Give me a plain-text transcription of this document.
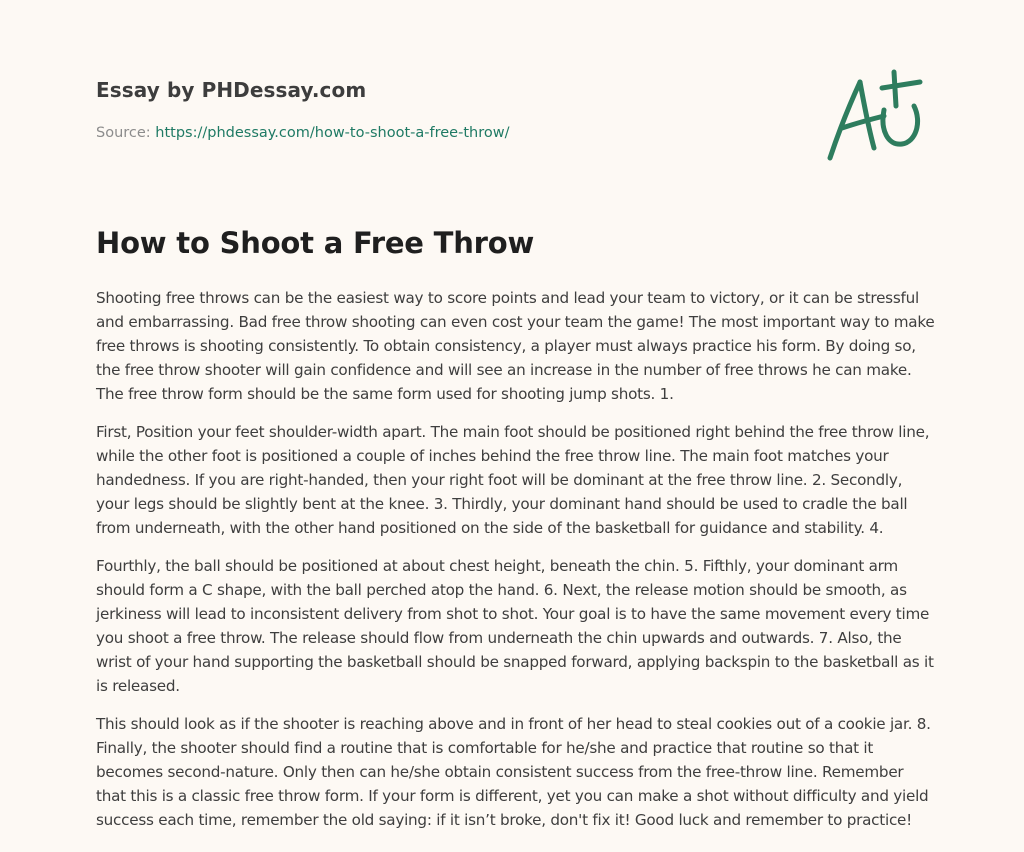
Essay by PHDessay.com
Source: https://phdessay.com/how-to-shoot-a-free-throw/
How to Shoot a Free Throw

Shooting free throws can be the easiest way to score points and lead your team to victory, or it can be stressful and embarrassing. Bad free throw shooting can even cost your team the game! The most important way to make free throws is shooting consistently. To obtain consistency, a player must always practice his form. By doing so, the free throw shooter will gain confidence and will see an increase in the number of free throws he can make. The free throw form should be the same form used for shooting jump shots. 1.

First, Position your feet shoulder-width apart. The main foot should be positioned right behind the free throw line, while the other foot is positioned a couple of inches behind the free throw line. The main foot matches your handedness. If you are right-handed, then your right foot will be dominant at the free throw line. 2. Secondly, your legs should be slightly bent at the knee. 3. Thirdly, your dominant hand should be used to cradle the ball from underneath, with the other hand positioned on the side of the basketball for guidance and stability. 4.

Fourthly, the ball should be positioned at about chest height, beneath the chin. 5. Fifthly, your dominant arm should form a C shape, with the ball perched atop the hand. 6. Next, the release motion should be smooth, as jerkiness will lead to inconsistent delivery from shot to shot. Your goal is to have the same movement every time you shoot a free throw. The release should flow from underneath the chin upwards and outwards. 7. Also, the wrist of your hand supporting the basketball should be snapped forward, applying backspin to the basketball as it is released.

This should look as if the shooter is reaching above and in front of her head to steal cookies out of a cookie jar. 8. Finally, the shooter should find a routine that is comfortable for he/she and practice that routine so that it becomes second-nature. Only then can he/she obtain consistent success from the free-throw line. Remember that this is a classic free throw form. If your form is different, yet you can make a shot without difficulty and yield success each time, remember the old saying: if it isn’t broke, don't fix it! Good luck and remember to practice!
